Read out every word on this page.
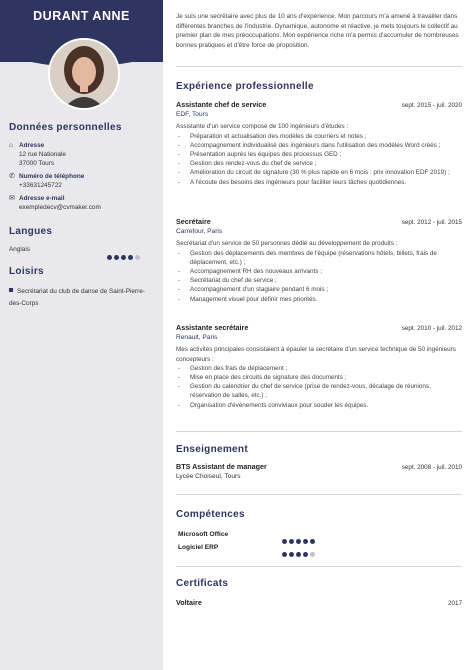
DURANT ANNE
Données personnelles
⌂ Adresse
12 rue Nationale
37000 Tours
✆ Numéro de téléphone
+33631245722
✉ Adresse e-mail
exempledecv@cvmaker.com
Langues
Anglais
Loisirs
Secrétariat du club de danse de Saint-Pierre-des-Corps
Je suis une secrétaire avec plus de 10 ans d'expérience. Mon parcours m'a amené à travailler dans différentes branches de l'industrie. Dynamique, autonome et réactive, je mets toujours le collectif au premier plan de mes préoccupations. Mon expérience riche m'a permis d'accumuler de nombreuses bonnes pratiques et d'être force de proposition.
Expérience professionnelle
Assistante chef de service	sept. 2015 - juil. 2020
EDF, Tours
Assistante d'un service composé de 100 ingénieurs d'études :
- Préparation et actualisation des modèles de courriers et notes ;
- Accompagnement individualisé des ingénieurs dans l'utilisation des modèles Word créés ;
- Présentation auprès les équipes des processus GED ;
- Gestion des rendez-vous du chef de service ;
- Amélioration du circuit de signature (30 % plus rapide en 6 mois : prix innovation EDF 2019) ;
- A l'écoute des besoins des ingénieurs pour faciliter leurs tâches quotidiennes.
Secrétaire	sept. 2012 - juil. 2015
Carrefour, Paris
Secrétariat d'un service de 50 personnes dédié au développement de produits :
- Gestion des déplacements des membres de l'équipe (réservations hôtels, billets, frais de déplacement, etc.) ;
- Accompagnement RH des nouveaux arrivants ;
- Secrétariat du chef de service ;
- Accompagnement d'un stagiaire pendant 6 mois ;
- Management visuel pour définir mes priorités.
Assistante secrétaire	sept. 2010 - juil. 2012
Renault, Paris
Mes activités principales consistaient à épauler la secrétaire d'un service technique de 50 ingénieurs concepteurs :
- Gestion des frais de déplacement ;
- Mise en place des circuits de signature des documents ;
- Gestion du calendrier du chef de service (prise de rendez-vous, décalage de réunions, réservation de salles, etc.) ;
- Organisation d'événements conviviaux pour souder les équipes.
Enseignement
BTS Assistant de manager	sept. 2008 - juil. 2010
Lycée Choiseul, Tours
Compétences
Microsoft Office
Logiciel ERP
Certificats
Voltaire	2017
